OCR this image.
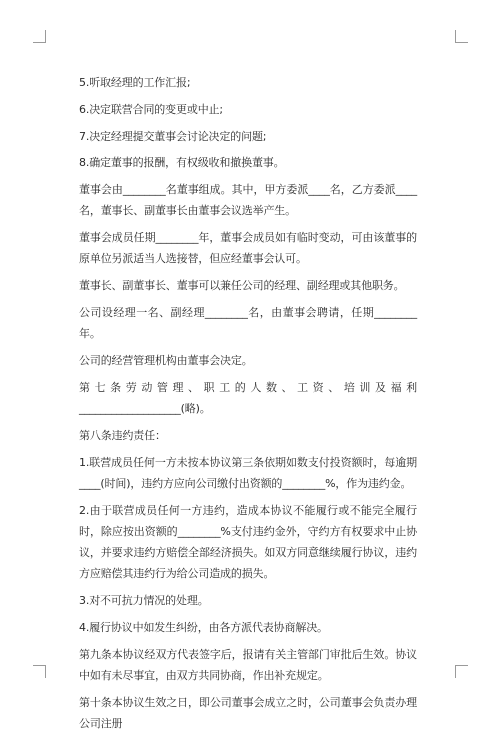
5.听取经理的工作汇报;

6.决定联营合同的变更或中止;

7.决定经理提交董事会讨论决定的问题;

8.确定董事的报酬，有权级收和撤换董事。

董事会由________名董事组成。其中，甲方委派____名，乙方委派____名，董事长、副董事长由董事会议选举产生。

董事会成员任期________年，董事会成员如有临时变动，可由该董事的原单位另派适当人选接替，但应经董事会认可。

董事长、副董事长、董事可以兼任公司的经理、副经理或其他职务。

公司设经理一名、副经理________名，由董事会聘请，任期________年。

公司的经营管理机构由董事会决定。

第七条劳动管理、职工的人数、工资、培训及福利___________________(略)。

第八条违约责任：

1.联营成员任何一方未按本协议第三条依期如数支付投资额时，每逾期____(时间)，违约方应向公司缴付出资额的________%，作为违约金。

2.由于联营成员任何一方违约，造成本协议不能履行或不能完全履行时，除应按出资额的________%支付违约金外，守约方有权要求中止协议，并要求违约方赔偿全部经济损失。如双方同意继续履行协议，违约方应赔偿其违约行为给公司造成的损失。

3.对不可抗力情况的处理。

4.履行协议中如发生纠纷，由各方派代表协商解决。

第九条本协议经双方代表签字后，报请有关主管部门审批后生效。协议中如有未尽事宜，由双方共同协商，作出补充规定。

第十条本协议生效之日，即公司董事会成立之时，公司董事会负责办理公司注册
